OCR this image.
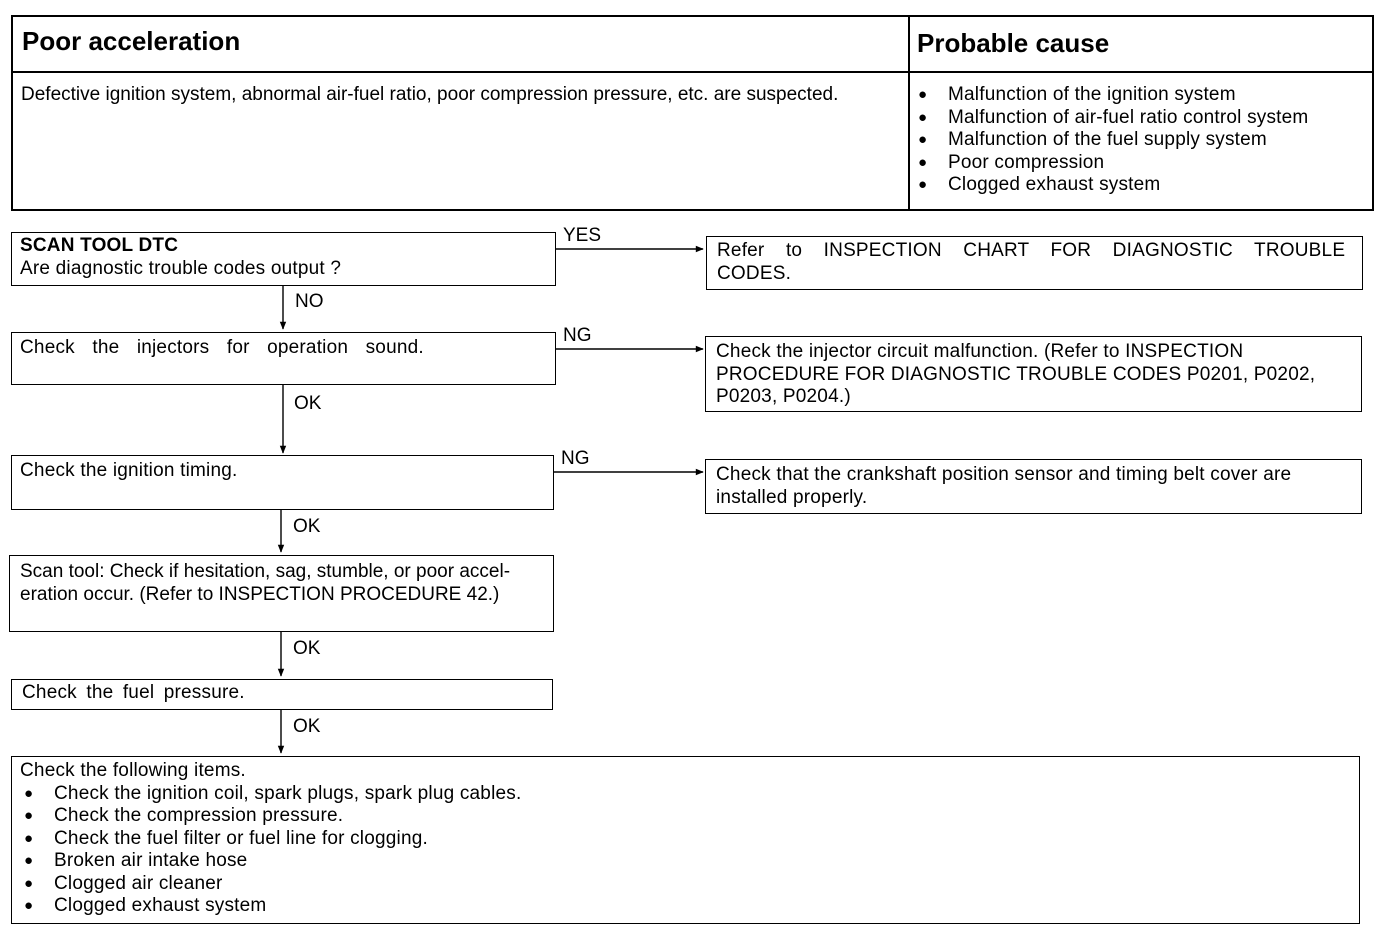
Poor acceleration	Probable cause
Defective ignition system, abnormal air-fuel ratio, poor compression pressure, etc. are suspected.
●	Malfunction of the ignition system
● Malfunction of air-fuel ratio control system
● Malfunction of the fuel supply system
● Poor compression
● Clogged exhaust system
SCAN TOOL DTC
Are diagnostic trouble codes output ?
YES
Refer to INSPECTION CHART FOR DIAGNOSTIC TROUBLE CODES.
NO
Check the injectors for operation sound.
NG
Check the injector circuit malfunction. (Refer to INSPECTION PROCEDURE FOR DIAGNOSTIC TROUBLE CODES P0201, P0202, P0203, P0204.)
OK
Check the ignition timing.
NG
Check that the crankshaft position sensor and timing belt cover are installed properly.
OK
Scan tool: Check if hesitation, sag, stumble, or poor accel-eration occur. (Refer to INSPECTION PROCEDURE 42.)
OK
Check the fuel pressure.
OK
Check the following items.
● Check the ignition coil, spark plugs, spark plug cables.
● Check the compression pressure.
● Check the fuel filter or fuel line for clogging.
● Broken air intake hose
● Clogged air cleaner
● Clogged exhaust system
